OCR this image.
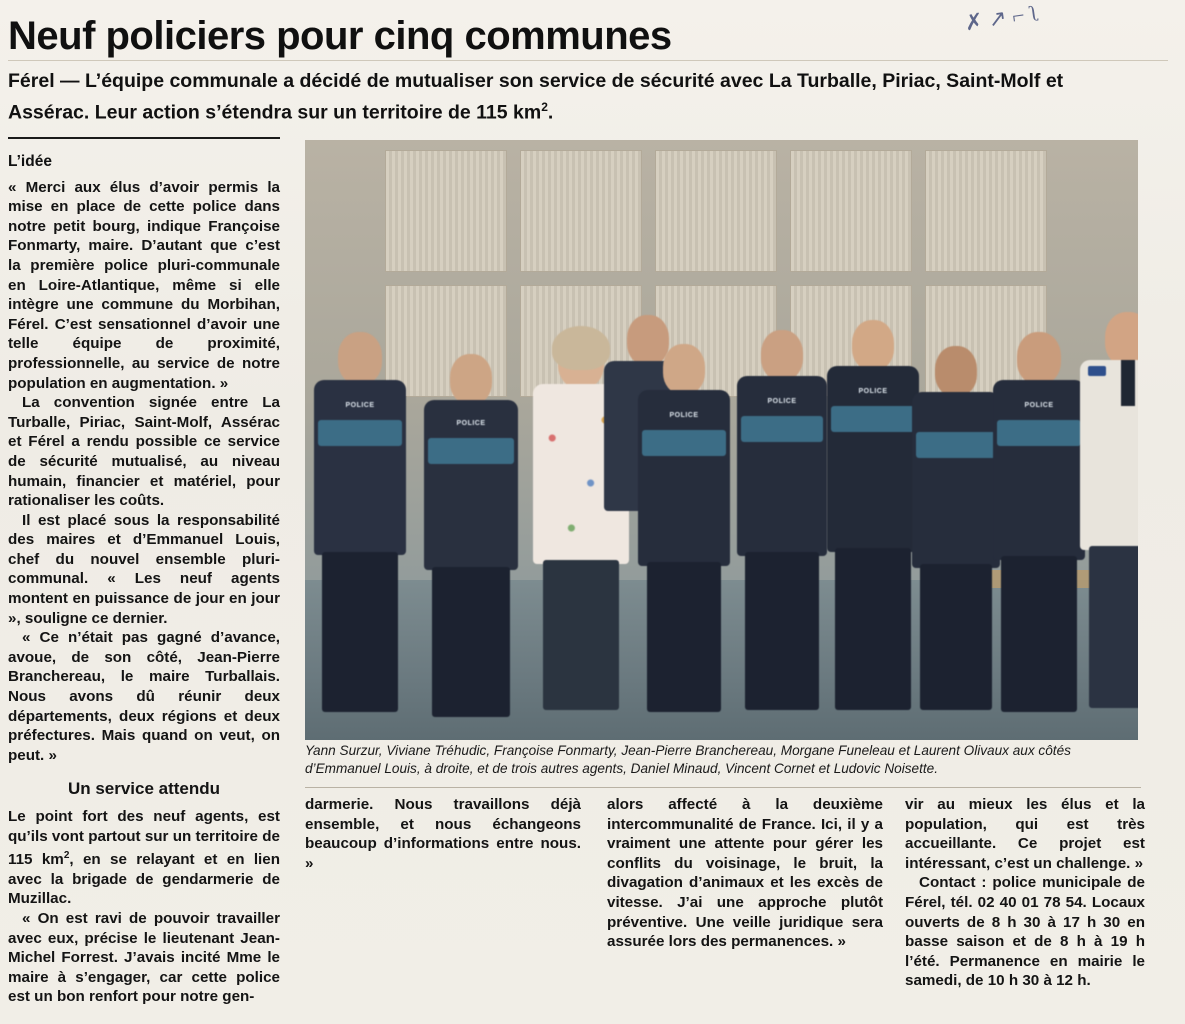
✗ ↗ ⌐ ʅ
Neuf policiers pour cinq communes
Férel — L’équipe communale a décidé de mutualiser son service de sécurité avec La Turballe, Piriac, Saint-Molf et Assérac. Leur action s’étendra sur un territoire de 115 $km^2$.
L’idée

« Merci aux élus d’avoir permis la mise en place de cette police dans notre petit bourg, indique Françoise Fonmarty, maire. D’autant que c’est la première police pluri-communale en Loire-Atlantique, même si elle intègre une commune du Morbihan, Férel. C’est sensationnel d’avoir une telle équipe de proximité, professionnelle, au service de notre population en augmentation. »

La convention signée entre La Turballe, Piriac, Saint-Molf, Assérac et Férel a rendu possible ce service de sécurité mutualisé, au niveau humain, financier et matériel, pour rationaliser les coûts.

Il est placé sous la responsabilité des maires et d’Emmanuel Louis, chef du nouvel ensemble pluri-communal. « Les neuf agents montent en puissance de jour en jour », souligne ce dernier.

« Ce n’était pas gagné d’avance, avoue, de son côté, Jean-Pierre Branchereau, le maire Turballais. Nous avons dû réunir deux départements, deux régions et deux préfectures. Mais quand on veut, on peut. »

Un service attendu

Le point fort des neuf agents, est qu’ils vont partout sur un territoire de 115 $km^2$, en se relayant et en lien avec la brigade de gendarmerie de Muzillac.

« On est ravi de pouvoir travailler avec eux, précise le lieutenant Jean-Michel Forrest. J’avais incité Mme le maire à s’engager, car cette police est un bon renfort pour notre gen-

POLICE
POLICE
POLICE
POLICE
POLICE
POLICE
Yann Surzur, Viviane Tréhudic, Françoise Fonmarty, Jean-Pierre Branchereau, Morgane Funeleau et Laurent Olivaux aux côtés d’Emmanuel Louis, à droite, et de trois autres agents, Daniel Minaud, Vincent Cornet et Ludovic Noisette.

darmerie. Nous travaillons déjà ensemble, et nous échangeons beaucoup d’informations entre nous. »

alors affecté à la deuxième intercommunalité de France. Ici, il y a vraiment une attente pour gérer les conflits du voisinage, le bruit, la divagation d’animaux et les excès de vitesse. J’ai une approche plutôt préventive. Une veille juridique sera assurée lors des permanences. »

vir au mieux les élus et la population, qui est très accueillante. Ce projet est intéressant, c’est un challenge. »

Contact : police municipale de Férel, tél. 02 40 01 78 54. Locaux ouverts de 8 h 30 à 17 h 30 en basse saison et de 8 h à 19 h l’été. Permanence en mairie le samedi, de 10 h 30 à 12 h.
